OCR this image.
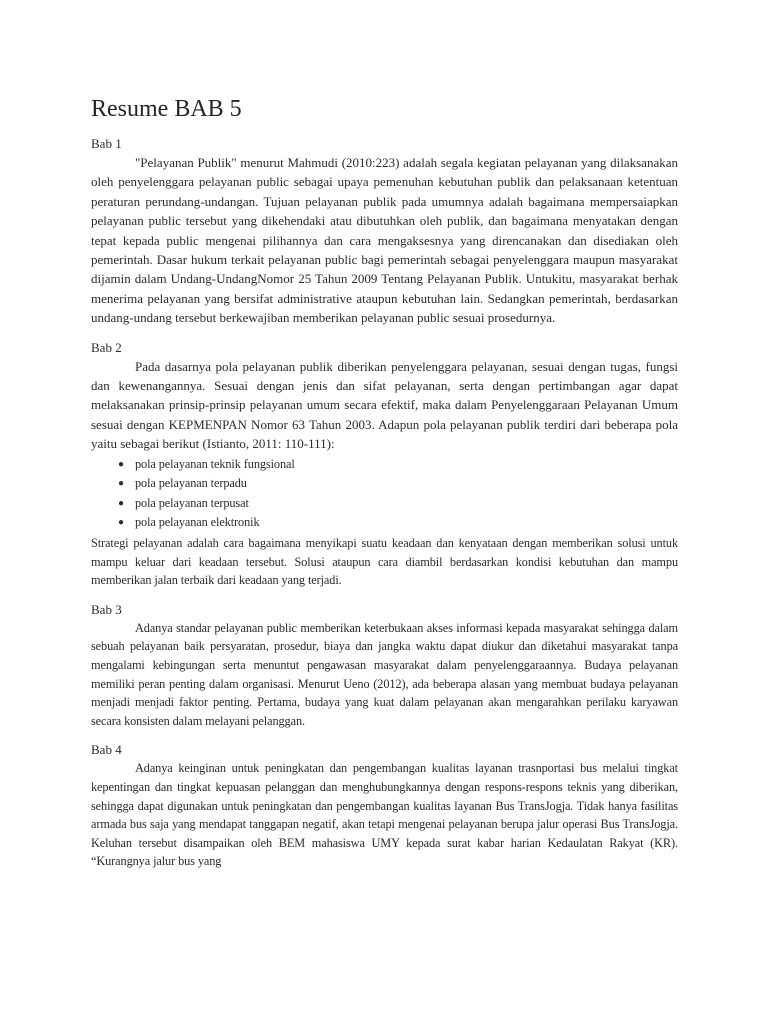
Resume BAB 5
Bab 1

"Pelayanan Publik" menurut Mahmudi (2010:223) adalah segala kegiatan pelayanan yang dilaksanakan oleh penyelenggara pelayanan public sebagai upaya pemenuhan kebutuhan publik dan pelaksanaan ketentuan peraturan perundang-undangan. Tujuan pelayanan publik pada umumnya adalah bagaimana mempersaiapkan pelayanan public tersebut yang dikehendaki atau dibutuhkan oleh publik, dan bagaimana menyatakan dengan tepat kepada public mengenai pilihannya dan cara mengaksesnya yang direncanakan dan disediakan oleh pemerintah. Dasar hukum terkait pelayanan public bagi pemerintah sebagai penyelenggara maupun masyarakat dijamin dalam Undang-UndangNomor 25 Tahun 2009 Tentang Pelayanan Publik. Untukitu, masyarakat berhak menerima pelayanan yang bersifat administrative ataupun kebutuhan lain. Sedangkan pemerintah, berdasarkan undang-undang tersebut berkewajiban memberikan pelayanan public sesuai prosedurnya.

Bab 2

Pada dasarnya pola pelayanan publik diberikan penyelenggara pelayanan, sesuai dengan tugas, fungsi dan kewenangannya. Sesuai dengan jenis dan sifat pelayanan, serta dengan pertimbangan agar dapat melaksanakan prinsip-prinsip pelayanan umum secara efektif, maka dalam Penyelenggaraan Pelayanan Umum sesuai dengan KEPMENPAN Nomor 63 Tahun 2003. Adapun pola pelayanan publik terdiri dari beberapa pola yaitu sebagai berikut (Istianto, 2011: 110-111):

● pola pelayanan teknik fungsional
● pola pelayanan terpadu
● pola pelayanan terpusat
● pola pelayanan elektronik

Strategi pelayanan adalah cara bagaimana menyikapi suatu keadaan dan kenyataan dengan memberikan solusi untuk mampu keluar dari keadaan tersebut. Solusi ataupun cara diambil berdasarkan kondisi kebutuhan dan mampu memberikan jalan terbaik dari keadaan yang terjadi.

Bab 3

Adanya standar pelayanan public memberikan keterbukaan akses informasi kepada masyarakat sehingga dalam sebuah pelayanan baik persyaratan, prosedur, biaya dan jangka waktu dapat diukur dan diketahui masyarakat tanpa mengalami kebingungan serta menuntut pengawasan masyarakat dalam penyelenggaraannya. Budaya pelayanan memiliki peran penting dalam organisasi. Menurut Ueno (2012), ada beberapa alasan yang membuat budaya pelayanan menjadi menjadi faktor penting. Pertama, budaya yang kuat dalam pelayanan akan mengarahkan perilaku karyawan secara konsisten dalam melayani pelanggan.

Bab 4

Adanya keinginan untuk peningkatan dan pengembangan kualitas layanan trasnportasi bus melalui tingkat kepentingan dan tingkat kepuasan pelanggan dan menghubungkannya dengan respons-respons teknis yang diberikan, sehingga dapat digunakan untuk peningkatan dan pengembangan kualitas layanan Bus TransJogja. Tidak hanya fasilitas armada bus saja yang mendapat tanggapan negatif, akan tetapi mengenai pelayanan berupa jalur operasi Bus TransJogja. Keluhan tersebut disampaikan oleh BEM mahasiswa UMY kepada surat kabar harian Kedaulatan Rakyat (KR). “Kurangnya jalur bus yang
